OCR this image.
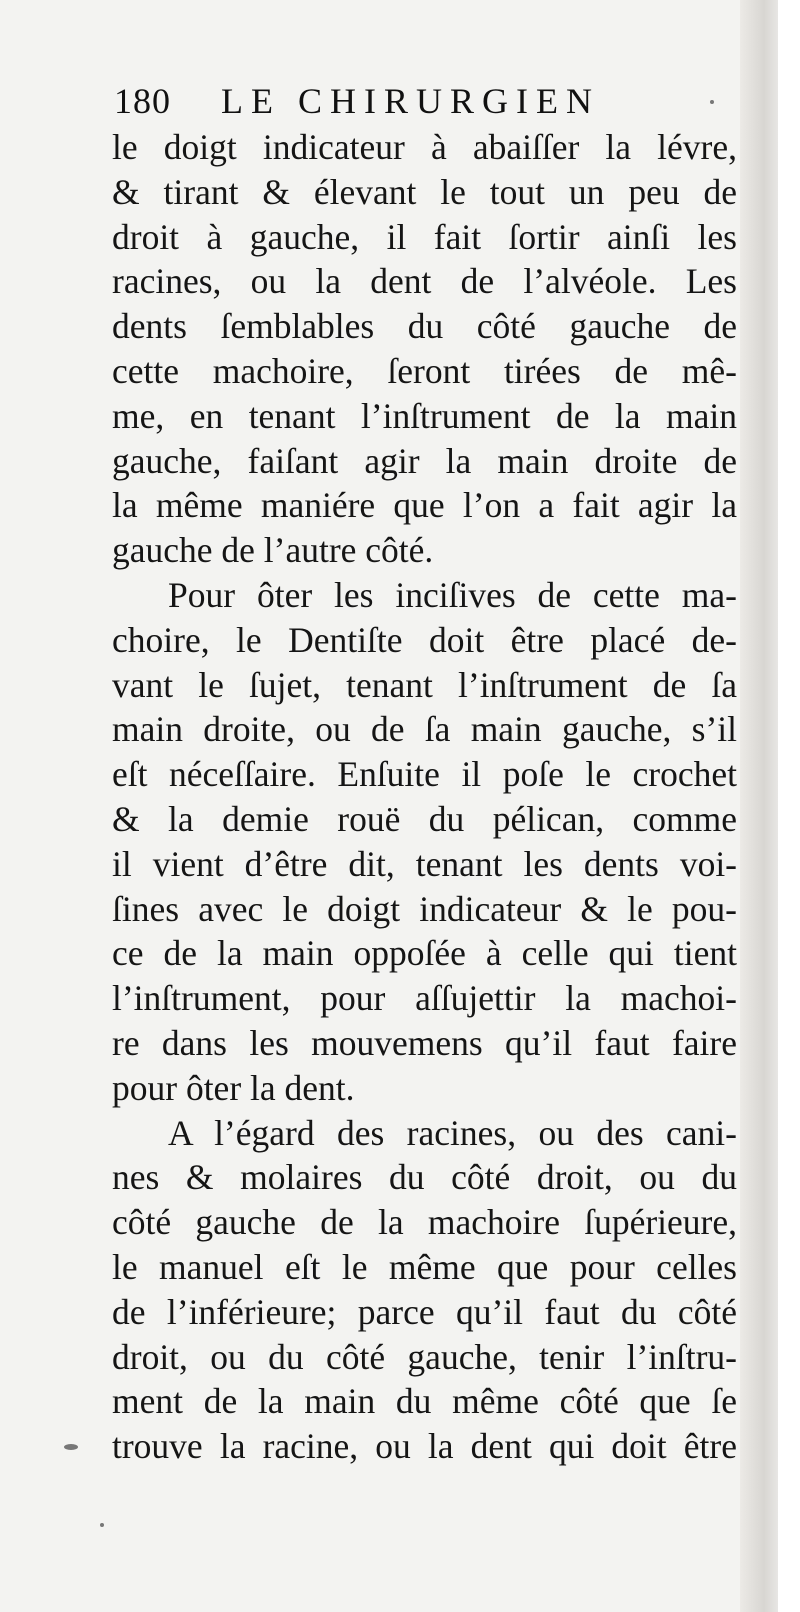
180 LE CHIRURGIEN
le doigt indicateur à abaiſſer la lévre,
& tirant & élevant le tout un peu de
droit à gauche, il fait ſortir ainſi les
racines, ou la dent de l’alvéole. Les
dents ſemblables du côté gauche de
cette machoire, ſeront tirées de mê-
me, en tenant l’inſtrument de la main
gauche, faiſant agir la main droite de
la même maniére que l’on a fait agir la
gauche de l’autre côté.
Pour ôter les inciſives de cette ma-
choire, le Dentiſte doit être placé de-
vant le ſujet, tenant l’inſtrument de ſa
main droite, ou de ſa main gauche, s’il
eſt néceſſaire. Enſuite il poſe le crochet
& la demie rouë du pélican, comme
il vient d’être dit, tenant les dents voi-
ſines avec le doigt indicateur & le pou-
ce de la main oppoſée à celle qui tient
l’inſtrument, pour aſſujettir la machoi-
re dans les mouvemens qu’il faut faire
pour ôter la dent.
A l’égard des racines, ou des cani-
nes & molaires du côté droit, ou du
côté gauche de la machoire ſupérieure,
le manuel eſt le même que pour celles
de l’inférieure; parce qu’il faut du côté
droit, ou du côté gauche, tenir l’inſtru-
ment de la main du même côté que ſe
trouve la racine, ou la dent qui doit être
